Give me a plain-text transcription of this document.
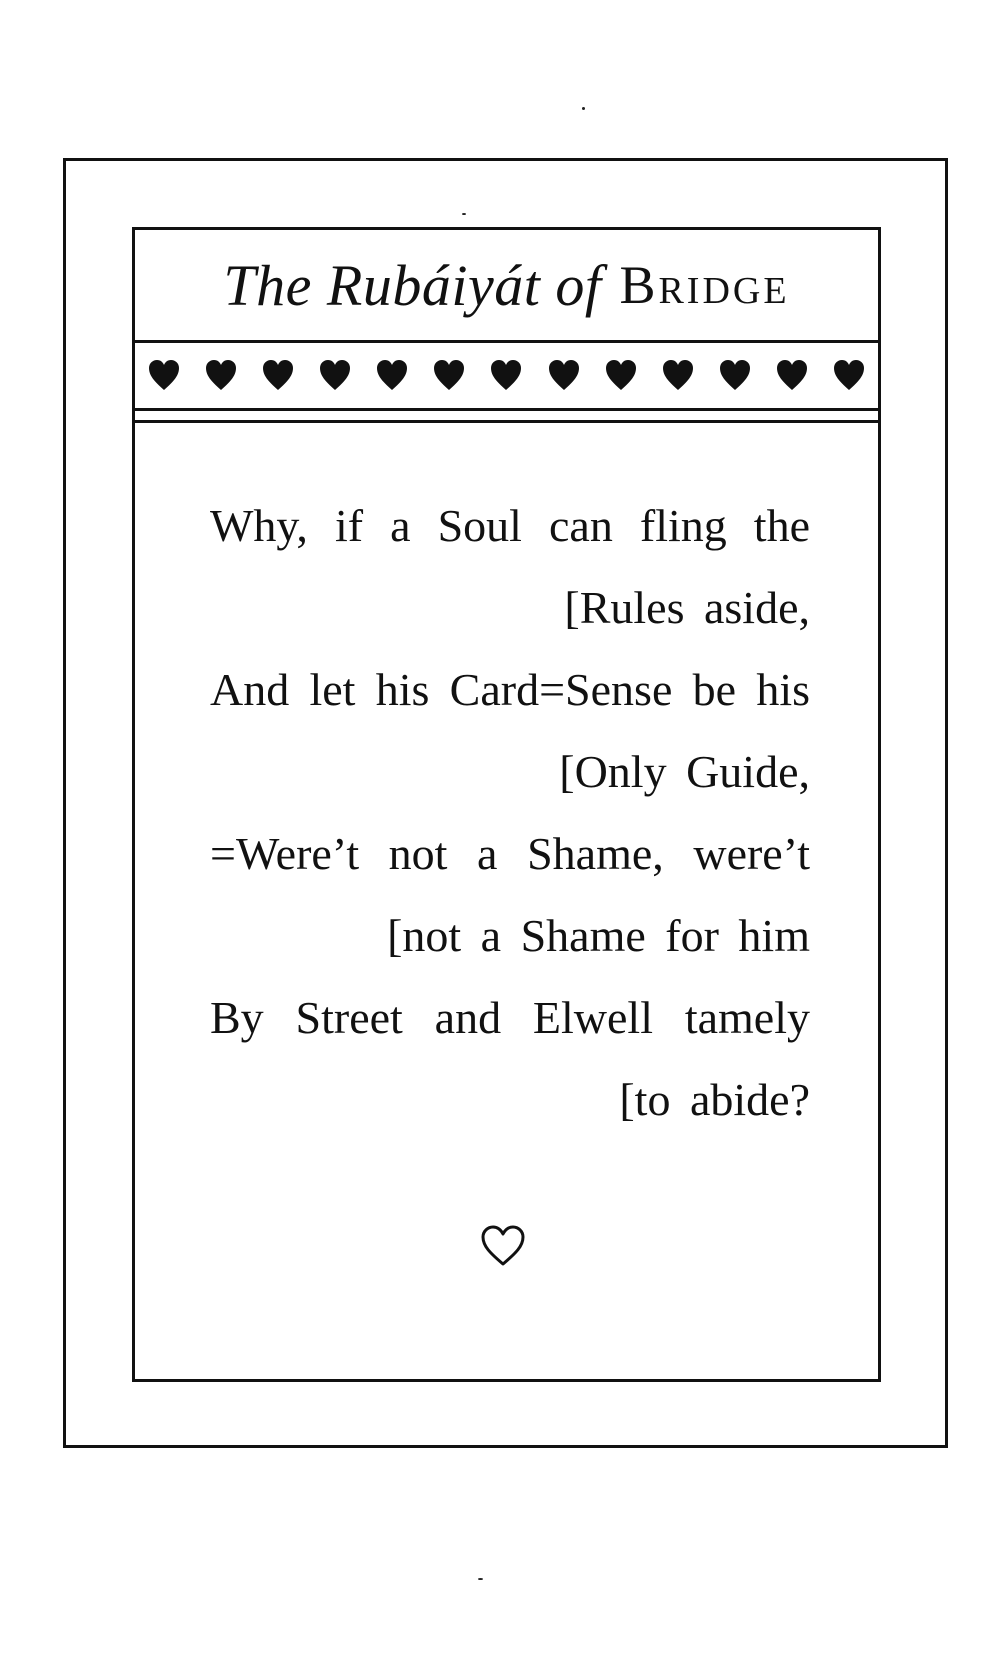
The Rubáiyát of Bridge
Why, if a Soul can fling the
[Rules aside,
And let his Card=Sense be his
[Only Guide,
=Were’t not a Shame, were’t
[not a Shame for him
By Street and Elwell tamely
[to abide?
